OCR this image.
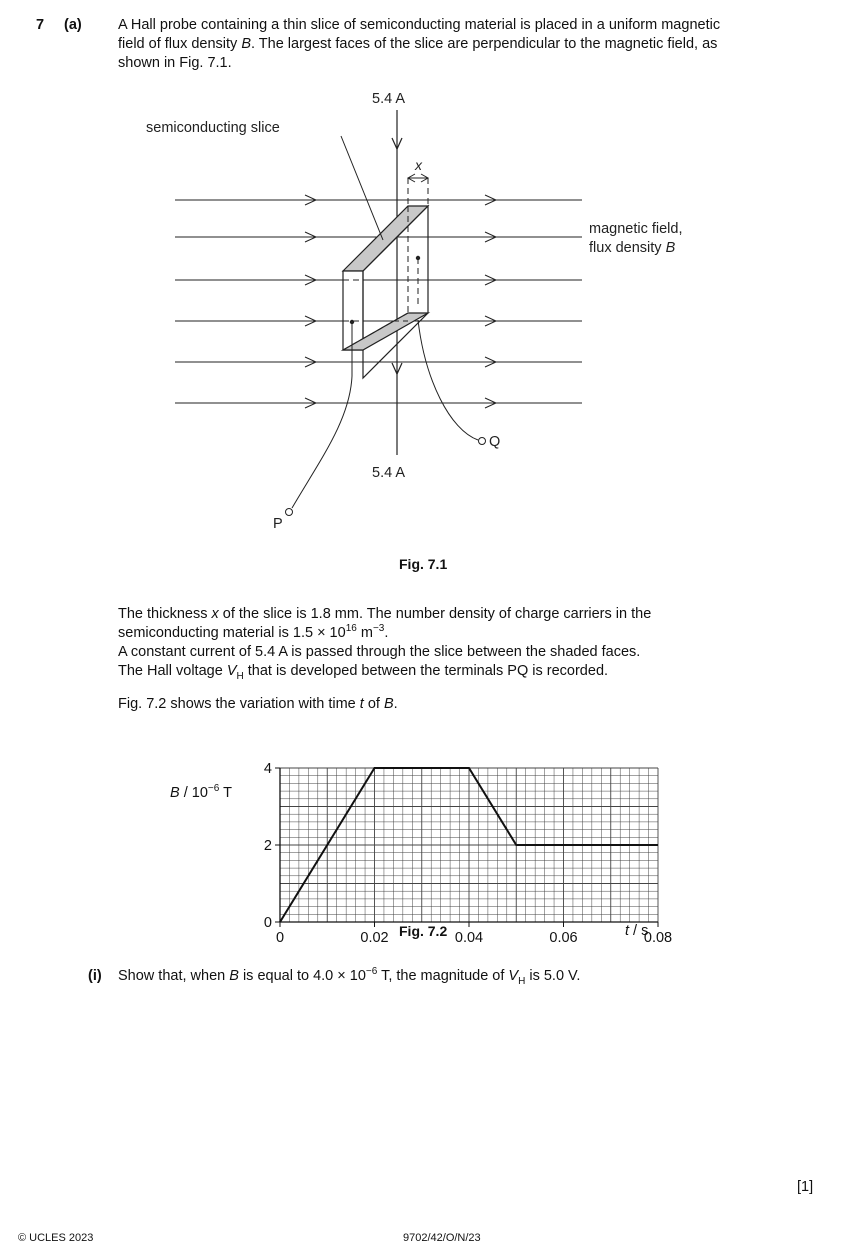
7 (a)	A Hall probe containing a thin slice of semiconducting material is placed in a uniform magnetic
field of flux density B. The largest faces of the slice are perpendicular to the magnetic field, as
shown in Fig. 7.1.
x
semiconducting slice
5.4 A
5.4 A
magnetic field,
flux density B
P
Q
Fig. 7.1
The thickness x of the slice is 1.8 mm. The number density of charge carriers in the
semiconducting material is $1.5 \times 10^{16}$ $m^{-3}$.
A constant current of 5.4 A is passed through the slice between the shaded faces.
The Hall voltage $V_H$ that is developed between the terminals PQ is recorded.
Fig. 7.2 shows the variation with time t of B.
0	0.02	0.04	0.06	0.08
0
2
4
B / $10^{-6}$ T
t / s
Fig. 7.2
(i) Show that, when B is equal to $4.0 \times 10^{-6}$ T, the magnitude of $V_H$ is 5.0 V.
[1]
© UCLES 2023	9702/42/O/N/23
